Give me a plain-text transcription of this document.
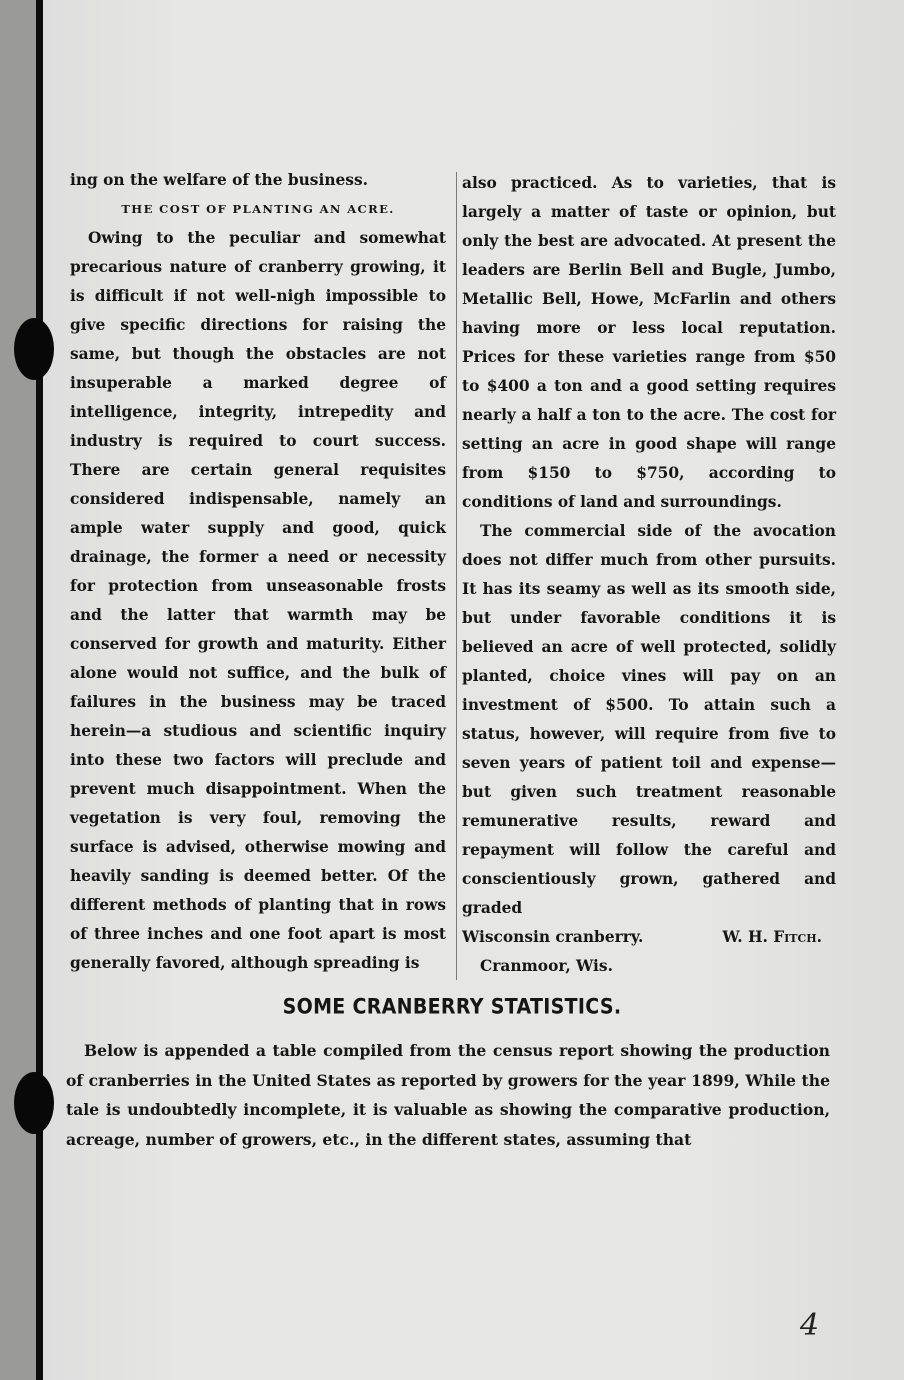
ing on the welfare of the business.

THE COST OF PLANTING AN ACRE.

Owing to the peculiar and somewhat precarious nature of cranberry growing, it is difficult if not well-nigh impossible to give specific directions for raising the same, but though the obstacles are not insuperable a marked degree of intelligence, integrity, intrepedity and industry is required to court success. There are certain general requisites considered indispensable, namely an ample water supply and good, quick drainage, the former a need or necessity for protection from unseasonable frosts and the latter that warmth may be conserved for growth and maturity. Either alone would not suffice, and the bulk of failures in the business may be traced herein—a studious and scientific inquiry into these two factors will preclude and prevent much disappointment. When the vegetation is very foul, removing the surface is advised, otherwise mowing and heavily sanding is deemed better. Of the different methods of planting that in rows of three inches and one foot apart is most generally favored, although spreading is

also practiced. As to varieties, that is largely a matter of taste or opinion, but only the best are advocated. At present the leaders are Berlin Bell and Bugle, Jumbo, Metallic Bell, Howe, McFarlin and others having more or less local reputation. Prices for these varieties range from $50 to $400 a ton and a good setting requires nearly a half a ton to the acre. The cost for setting an acre in good shape will range from $150 to $750, according to conditions of land and surroundings.

The commercial side of the avocation does not differ much from other pursuits. It has its seamy as well as its smooth side, but under favorable conditions it is believed an acre of well protected, solidly planted, choice vines will pay on an investment of $500. To attain such a status, however, will require from five to seven years of patient toil and expense—but given such treatment reasonable remunerative results, reward and repayment will follow the careful and conscientiously grown, gathered and graded

Wisconsin cranberry.	W. H. Fitch.

Cranmoor, Wis.

SOME CRANBERRY STATISTICS.

Below is appended a table compiled from the census report showing the production of cranberries in the United States as reported by growers for the year 1899, While the tale is undoubtedly incomplete, it is valuable as showing the comparative production, acreage, number of growers, etc., in the different states, assuming that

4
